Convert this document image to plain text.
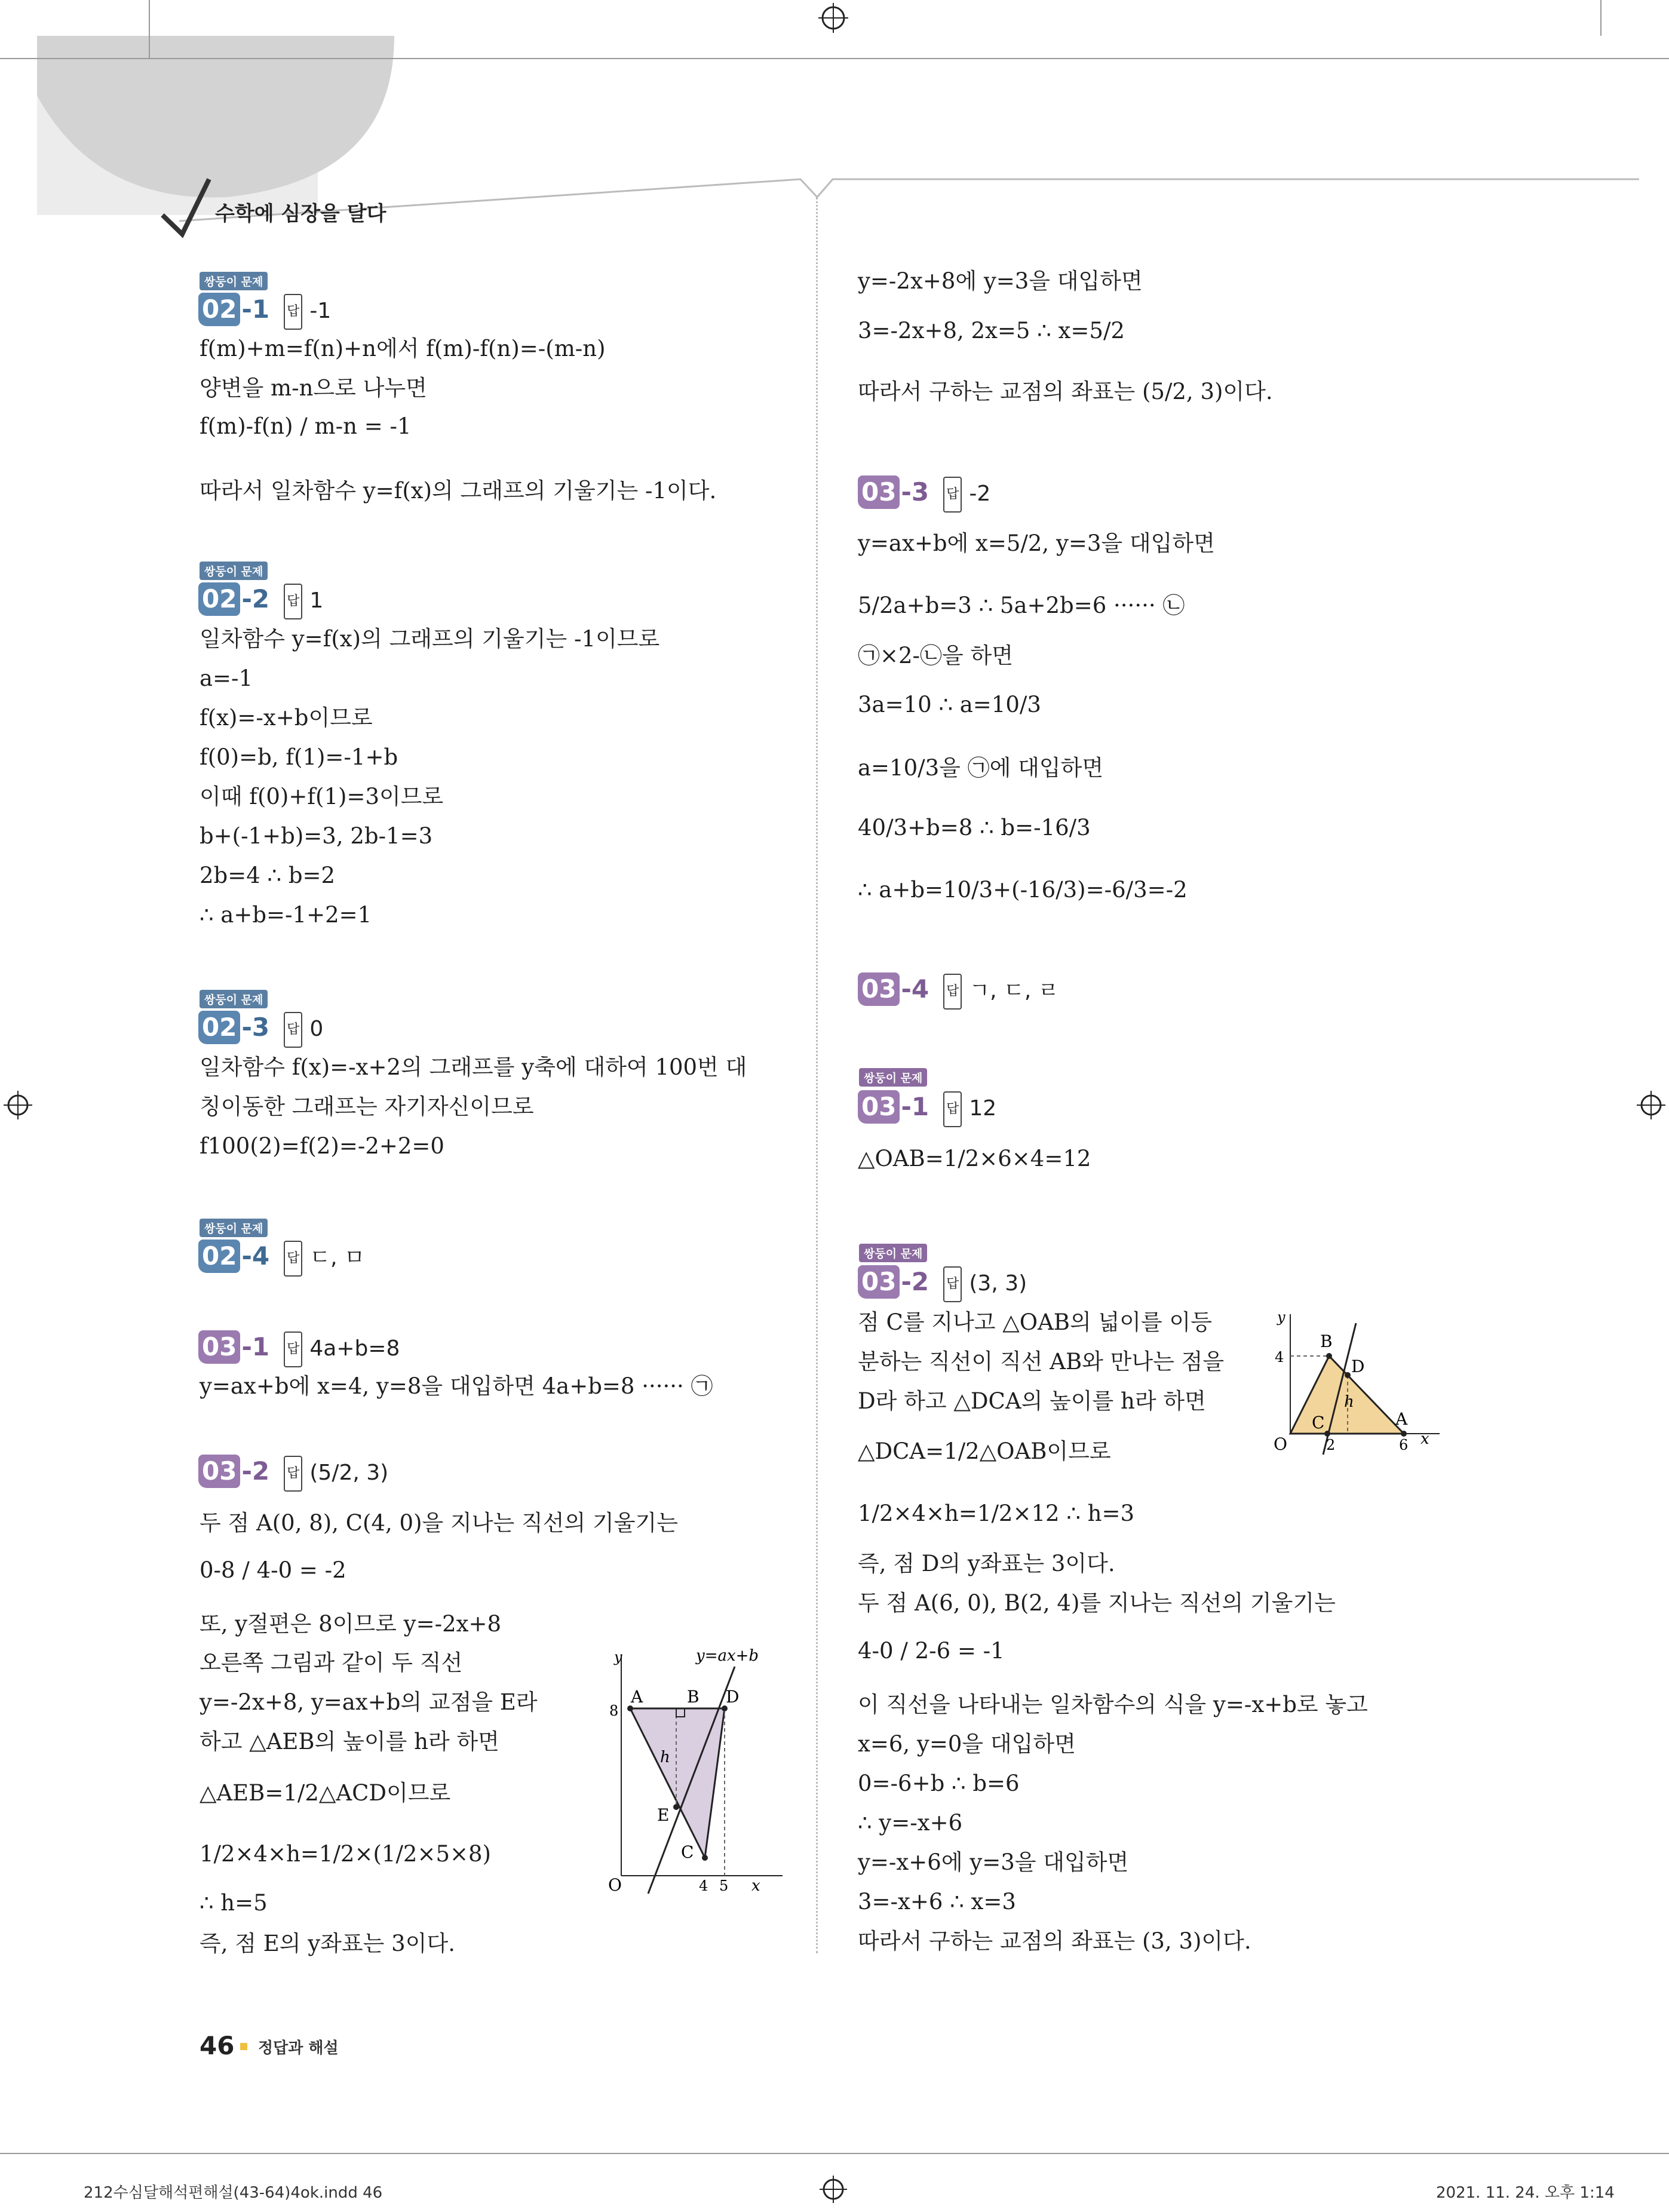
수학에 심장을 달다
쌍둥이 문제
02 -1 답 -1
f(m)+m=f(n)+n에서 f(m)-f(n)=-(m-n)
양변을 m-n으로 나누면
f(m)-f(n) / m-n = -1
따라서 일차함수 y=f(x)의 그래프의 기울기는 -1이다.
쌍둥이 문제
02 -2 답 1
일차함수 y=f(x)의 그래프의 기울기는 -1이므로
a=-1
f(x)=-x+b이므로
f(0)=b, f(1)=-1+b
이때 f(0)+f(1)=3이므로
b+(-1+b)=3, 2b-1=3
2b=4 ∴ b=2
∴ a+b=-1+2=1
쌍둥이 문제
02 -3 답 0
일차함수 f(x)=-x+2의 그래프를 y축에 대하여 100번 대
칭이동한 그래프는 자기자신이므로
f100(2)=f(2)=-2+2=0
쌍둥이 문제
02 -4 답 ㄷ, ㅁ
03 -1 답 4a+b=8
y=ax+b에 x=4, y=8을 대입하면 4a+b=8 ······ ㉠
03 -2 답 (5/2, 3)
두 점 A(0, 8), C(4, 0)을 지나는 직선의 기울기는
0-8 / 4-0 = -2
또, y절편은 8이므로 y=-2x+8
오른쪽 그림과 같이 두 직선
y=-2x+8, y=ax+b의 교점을 E라
하고 △AEB의 높이를 h라 하면
△AEB=1/2△ACD이므로
1/2×4×h=1/2×(1/2×5×8)
∴ h=5
즉, 점 E의 y좌표는 3이다.
y	y=ax+b
A	B D
8
h
E
C
O	4 5 x
y=-2x+8에 y=3을 대입하면
3=-2x+8, 2x=5 ∴ x=5/2
따라서 구하는 교점의 좌표는 (5/2, 3)이다.
03 -3 답 -2
y=ax+b에 x=5/2, y=3을 대입하면
5/2a+b=3 ∴ 5a+2b=6 ······ ㉡
㉠×2-㉡을 하면
3a=10 ∴ a=10/3
a=10/3을 ㉠에 대입하면
40/3+b=8 ∴ b=-16/3
∴ a+b=10/3+(-16/3)=-6/3=-2
03 -4 답 ㄱ, ㄷ, ㄹ
쌍둥이 문제
03 -1 답 12
△OAB=1/2×6×4=12
쌍둥이 문제
03 -2 답 (3, 3)
점 C를 지나고 △OAB의 넓이를 이등
분하는 직선이 직선 AB와 만나는 점을
D라 하고 △DCA의 높이를 h라 하면
△DCA=1/2△OAB이므로
1/2×4×h=1/2×12 ∴ h=3
즉, 점 D의 y좌표는 3이다.
두 점 A(6, 0), B(2, 4)를 지나는 직선의 기울기는
4-0 / 2-6 = -1
이 직선을 나타내는 일차함수의 식을 y=-x+b로 놓고
x=6, y=0을 대입하면
0=-6+b ∴ b=6
∴ y=-x+6
y=-x+6에 y=3을 대입하면
3=-x+6 ∴ x=3
따라서 구하는 교점의 좌표는 (3, 3)이다.
y
B
4	D
h
A
C
O	2	6 x
46 정답과 해설
212수심달해석편해설(43-64)4ok.indd 46	2021. 11. 24. 오후 1:14
